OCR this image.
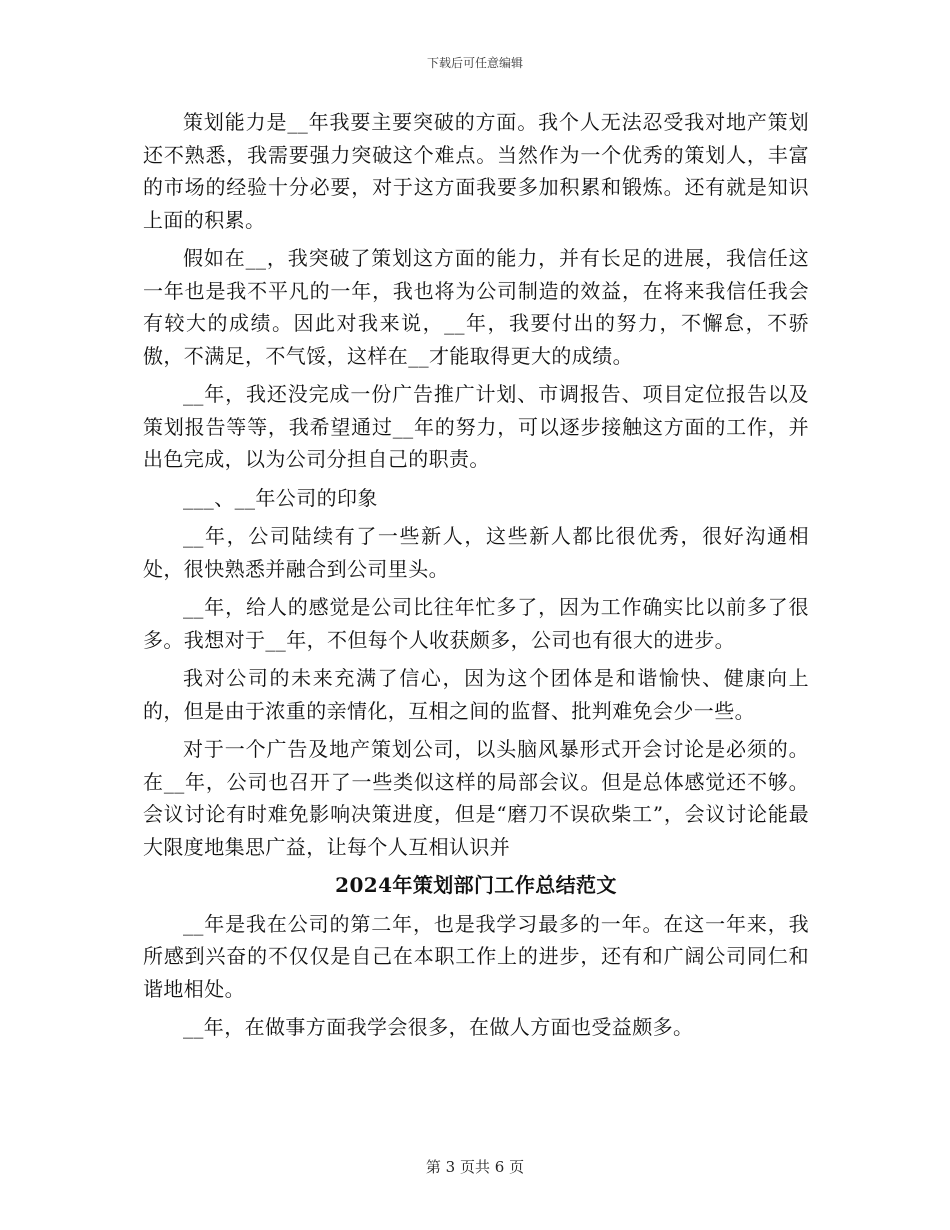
下载后可任意编辑

策划能力是__年我要主要突破的方面。我个人无法忍受我对地产策划还不熟悉，我需要强力突破这个难点。当然作为一个优秀的策划人，丰富的市场的经验十分必要，对于这方面我要多加积累和锻炼。还有就是知识上面的积累。

假如在__，我突破了策划这方面的能力，并有长足的进展，我信任这一年也是我不平凡的一年，我也将为公司制造的效益，在将来我信任我会有较大的成绩。因此对我来说，__年，我要付出的努力，不懈怠，不骄傲，不满足，不气馁，这样在__才能取得更大的成绩。

__年，我还没完成一份广告推广计划、市调报告、项目定位报告以及策划报告等等，我希望通过__年的努力，可以逐步接触这方面的工作，并出色完成，以为公司分担自己的职责。

___、__年公司的印象

__年，公司陆续有了一些新人，这些新人都比很优秀，很好沟通相处，很快熟悉并融合到公司里头。

__年，给人的感觉是公司比往年忙多了，因为工作确实比以前多了很多。我想对于__年，不但每个人收获颇多，公司也有很大的进步。

我对公司的未来充满了信心，因为这个团体是和谐愉快、健康向上的，但是由于浓重的亲情化，互相之间的监督、批判难免会少一些。

对于一个广告及地产策划公司，以头脑风暴形式开会讨论是必须的。在__年，公司也召开了一些类似这样的局部会议。但是总体感觉还不够。会议讨论有时难免影响决策进度，但是“磨刀不误砍柴工”，会议讨论能最大限度地集思广益，让每个人互相认识并

2024年策划部门工作总结范文

__年是我在公司的第二年，也是我学习最多的一年。在这一年来，我所感到兴奋的不仅仅是自己在本职工作上的进步，还有和广阔公司同仁和谐地相处。

__年，在做事方面我学会很多，在做人方面也受益颇多。

第 3 页共 6 页
